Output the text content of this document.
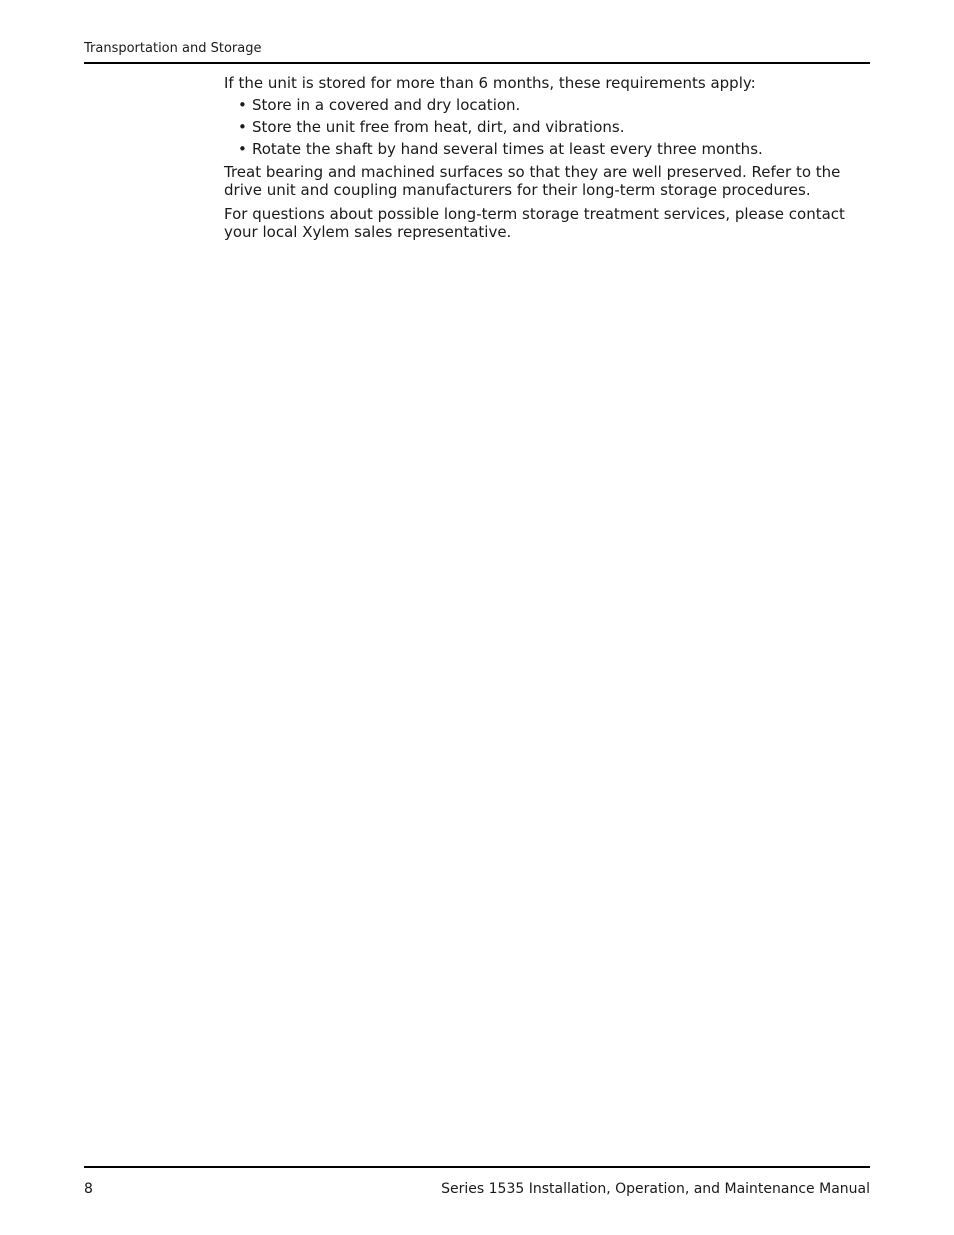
Transportation and Storage

If the unit is stored for more than 6 months, these requirements apply:

• Store in a covered and dry location.
• Store the unit free from heat, dirt, and vibrations.
• Rotate the shaft by hand several times at least every three months.

Treat bearing and machined surfaces so that they are well preserved. Refer to the drive unit and coupling manufacturers for their long-term storage procedures.

For questions about possible long-term storage treatment services, please contact your local Xylem sales representative.

8	Series 1535 Installation, Operation, and Maintenance Manual
